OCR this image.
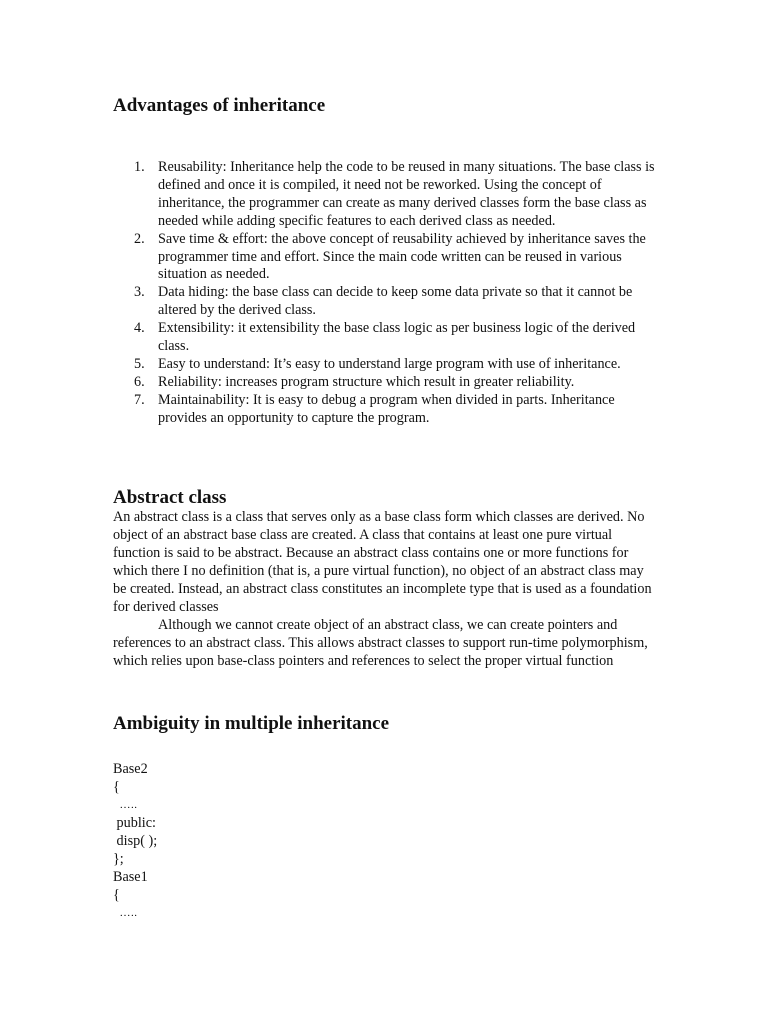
Advantages of inheritance
1. Reusability: Inheritance help the code to be reused in many situations. The base class is defined and once it is compiled, it need not be reworked. Using the concept of inheritance, the programmer can create as many derived classes form the base class as needed while adding specific features to each derived class as needed.
2. Save time & effort: the above concept of reusability achieved by inheritance saves the programmer time and effort. Since the main code written can be reused in various situation as needed.
3. Data hiding: the base class can decide to keep some data private so that it cannot be altered by the derived class.
4. Extensibility: it extensibility the base class logic as per business logic of the derived class.
5. Easy to understand: It’s easy to understand large program with use of inheritance.
6. Reliability: increases program structure which result in greater reliability.
7. Maintainability: It is easy to debug a program when divided in parts. Inheritance provides an opportunity to capture the program.
Abstract class

An abstract class is a class that serves only as a base class form which classes are derived. No object of an abstract base class are created. A class that contains at least one pure virtual function is said to be abstract. Because an abstract class contains one or more functions for which there I no definition (that is, a pure virtual function), no object of an abstract class may be created. Instead, an abstract class constitutes an incomplete type that is used as a foundation for derived classes

Although we cannot create object of an abstract class, we can create pointers and references to an abstract class. This allows abstract classes to support run-time polymorphism, which relies upon base-class pointers and references to select the proper virtual function

Ambiguity in multiple inheritance
Base2
{
…..
public:
disp( );
};
Base1
{
…..
